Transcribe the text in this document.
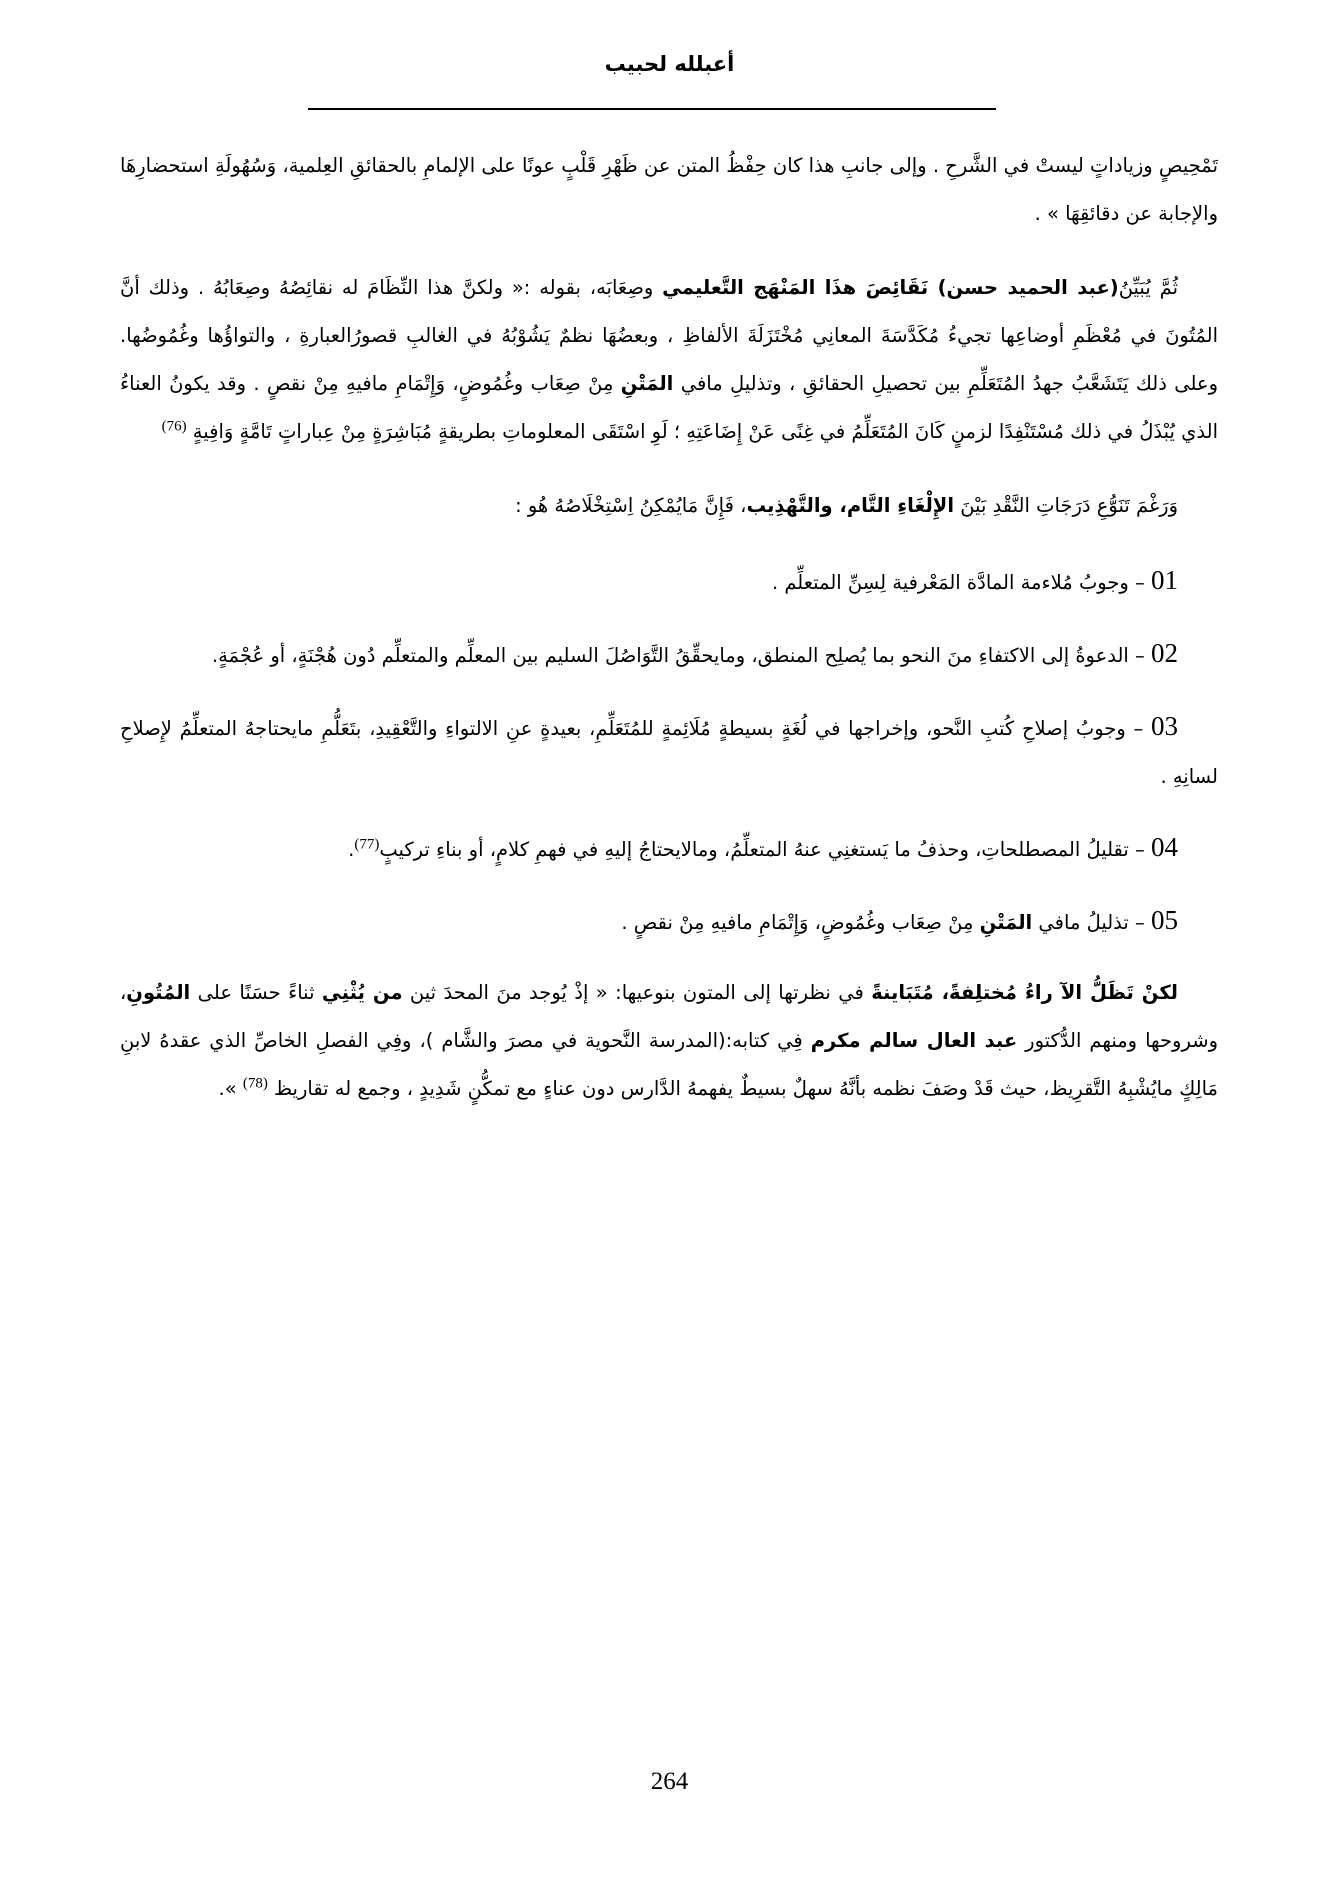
أعبلله لحبيب

تَمْحِيصٍ وزياداتٍ ليستْ في الشَّرحِ . وإلى جانبِ هذا كان حِفْظُ المتن عن ظَهْرِ قَلْبٍ عونًا على الإلمامِ بالحقائقِ العِلمية، وَسُهُولَةِ استحضارِهَا والإجابة عن دقائقِهَا » .

ثُمَّ يُبَيِّنُ(عبد الحميد حسن) نَقَائِصَ هذَا المَنْهَج التَّعليمي وصِعَابَه، بقوله :« ولكنَّ هذا النِّظَامَ له نقائِصُهُ وصِعَابُهُ . وذلك أنَّ المُتُونَ في مُعْظَمِ أوضاعِها تجيءُ مُكَدَّسَةَ المعانِي مُخْتَزَلَةَ الألفاظِ ، وبعضُهَا نظمٌ يَشُوْبُهُ في الغالبِ قصورُالعبارةِ ، والتواؤُها وغُمُوضُها. وعلى ذلك يَتَشَعَّبُ جهدُ المُتَعَلِّمِ بين تحصيلِ الحقائقِ ، وتذليلِ مافي المَتْنِ مِنْ صِعَاب وغُمُوضٍ، وَإِتْمَامِ مافيهِ مِنْ نقصٍ . وقد يكونُ العناءُ الذي يُبْذَلُ في ذلك مُسْتَنْفِدًا لزمنٍ كَانَ المُتَعَلِّمُ في غِنًى عَنْ إِضَاعَتِهِ ؛ لَوِ اسْتَقَى المعلوماتِ بطريقةٍ مُبَاشِرَةٍ مِنْ عِباراتٍ تَامَّةٍ وَافِيةٍ $^{(76)}$

وَرَغْمَ تَنَوُّعِ دَرَجَاتِ النَّقْدِ بَيْنَ الإِلْغَاءِ التَّام، والتَّهْذِيب، فَإِنَّ مَايُمْكِنُ اِسْتِخْلَاصُهُ هُو :

01 – وجوبُ مُلاءمة المادَّة المَعْرفية لِسِنِّ المتعلِّم .

02 – الدعوةُ إلى الاكتفاءِ منَ النحو بما يُصلِح المنطق، ومايحقِّقُ التَّوَاصُلَ السليم بين المعلِّم والمتعلِّم دُون هُجْنَةٍ، أو عُجْمَةٍ.

03 – وجوبُ إصلاحِ كُتبِ النَّحو، وإخراجها في لُغَةٍ بسيطةٍ مُلَائِمةٍ للمُتَعَلِّمِ، بعيدةٍ عنِ الالتواءِ والتَّعْقِيدِ، بتَعَلُّمِ مايحتاجهُ المتعلِّمُ لإِصلاحِ لسانِهِ .

04 – تقليلُ المصطلحاتِ، وحذفُ ما يَستغنِي عنهُ المتعلِّمُ، ومالايحتاجُ إليهِ في فهمِ كلامٍ، أو بناءِ تركيبٍ$^{(77)}$.

05 – تذليلُ مافي المَتْنِ مِنْ صِعَاب وغُمُوضٍ، وَإِتْمَامِ مافيهِ مِنْ نقصٍ .

لكنْ تَظَلُّ الآ راءُ مُختلِفةً، مُتَبَاينةً في نظرتها إلى المتون بنوعيها: « إذْ يُوجد منَ المحدَ ثين من يُثْنِي ثناءً حسَنًا على المُتُونِ، وشروحها ومنهم الدُّكتور عبد العال سالم مكرم فِي كتابه:(المدرسة النَّحوية في مصرَ والشَّام )، وفِي الفصلِ الخاصِّ الذي عقدهُ لابنِ مَالِكٍ مايُشْبِهُ التَّقرِيظ، حيث قَدْ وصَفَ نظمه بأنَّهُ سهلٌ بسيطٌ يفهمهُ الدَّارس دون عناءٍ مع تمكُّنٍ شَدِيدٍ ، وجمع له تقاريظ $^{(78)}$ ».

264
